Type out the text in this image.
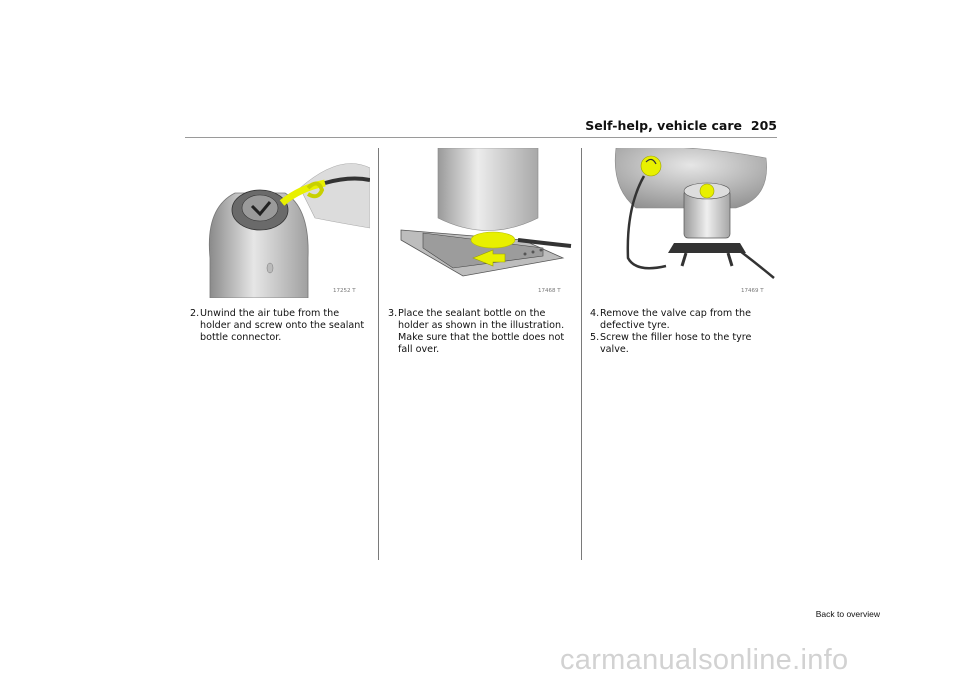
Self-help, vehicle care 205
17252 T
2. Unwind the air tube from the holder and screw onto the sealant bottle connector.
17468 T
3. Place the sealant bottle on the holder as shown in the illustration. Make sure that the bottle does not fall over.
17469 T
4. Remove the valve cap from the defective tyre.
5. Screw the filler hose to the tyre valve.
Back to overview
carmanualsonline.info
